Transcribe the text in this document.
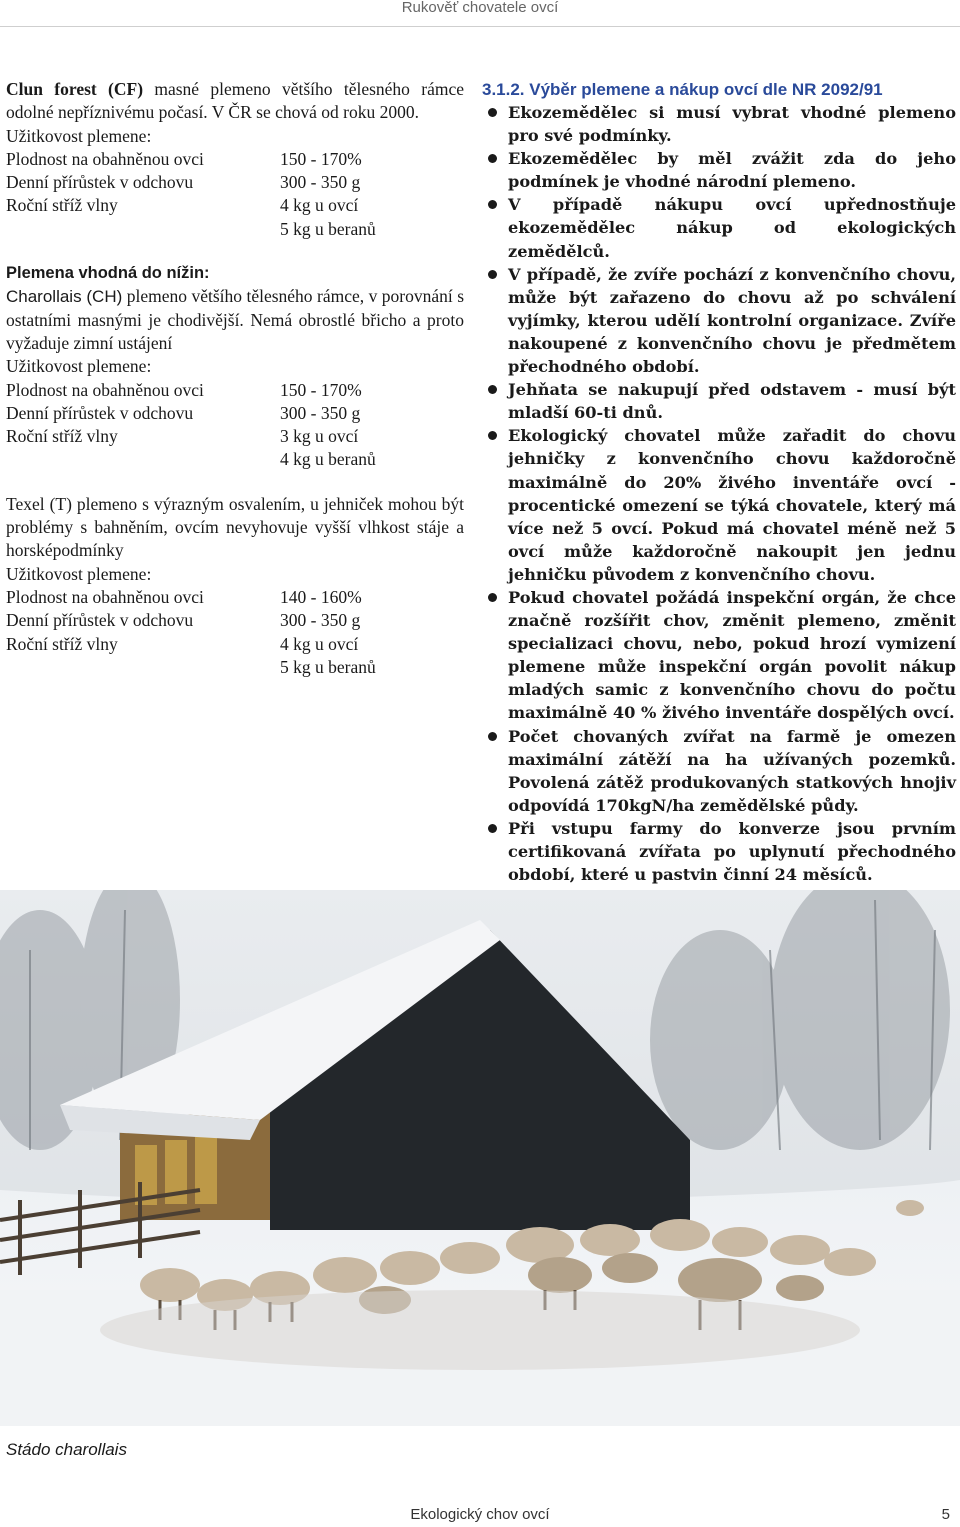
Rukověť chovatele ovcí

Clun forest (CF) masné plemeno většího tělesného rámce odolné nepříznivému počasí. V ČR se chová od roku 2000.

Užitkovost plemene:
Plodnost na obahněnou ovci	150 - 170%
Denní přírůstek v odchovu	300 - 350 g
Roční stříž vlny	4 kg u ovcí
5 kg u beranů
Plemena vhodná do nížin:

Charollais (CH) plemeno většího tělesného rámce, v porovnání s ostatními masnými je chodivější. Nemá obrostlé břicho a proto vyžaduje zimní ustájení

Užitkovost plemene:
Plodnost na obahněnou ovci	150 - 170%
Denní přírůstek v odchovu	300 - 350 g
Roční stříž vlny	3 kg u ovcí
4 kg u beranů

Texel (T) plemeno s výrazným osvalením, u jehniček mohou být problémy s bahněním, ovcím nevyhovuje vyšší vlhkost stáje a horsképodmínky

Užitkovost plemene:
Plodnost na obahněnou ovci	140 - 160%
Denní přírůstek v odchovu	300 - 350 g
Roční stříž vlny	4 kg u ovcí
5 kg u beranů
3.1.2. Výběr plemene a nákup ovcí dle NR 2092/91
Ekozemědělec si musí vybrat vhodné plemeno pro své podmínky.
Ekozemědělec by měl zvážit zda do jeho podmínek je vhodné národní plemeno.
V případě nákupu ovcí upřednostňuje ekozemědělec nákup od ekologických zemědělců.
V případě, že zvíře pochází z konvenčního chovu, může být zařazeno do chovu až po schválení vyjímky, kterou udělí kontrolní organizace. Zvíře nakoupené z konvenčního chovu je předmětem přechodného období.
Jehňata se nakupují před odstavem - musí být mladší 60-ti dnů.
Ekologický chovatel může zařadit do chovu jehničky z konvenčního chovu každoročně maximálně do 20% živého inventáře ovcí - procentické omezení se týká chovatele, který má více než 5 ovcí. Pokud má chovatel méně než 5 ovcí může každoročně nakoupit jen jednu jehničku původem z konvenčního chovu.
Pokud chovatel požádá inspekční orgán, že chce značně rozšířit chov, změnit plemeno, změnit specializaci chovu, nebo, pokud hrozí vymizení plemene může inspekční orgán povolit nákup mladých samic z konvenčního chovu do počtu maximálně 40 % živého inventáře dospělých ovcí.
Počet chovaných zvířat na farmě je omezen maximální zátěží na ha užívaných pozemků. Povolená zátěž produkovaných statkových hnojiv odpovídá 170kgN/ha zemědělské půdy.
Při vstupu farmy do konverze jsou prvním certifikovaná zvířata po uplynutí přechodného období, které u pastvin činní 24 měsíců.
Stádo charollais
Ekologický chov ovcí	5
